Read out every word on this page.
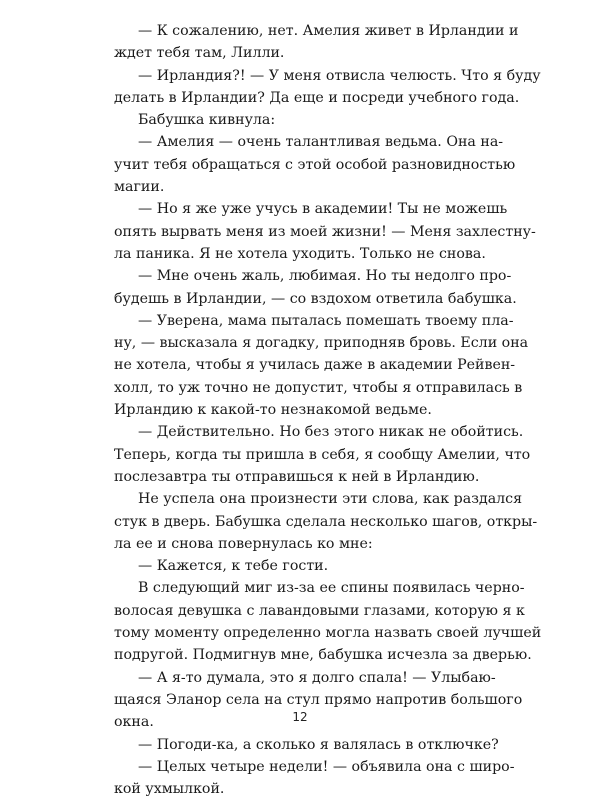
— К сожалению, нет. Амелия живет в Ирландии и
ждет тебя там, Лилли.
— Ирландия?! — У меня отвисла челюсть. Что я буду
делать в Ирландии? Да еще и посреди учебного года.
Бабушка кивнула:
— Амелия — очень талантливая ведьма. Она на-
учит тебя обращаться с этой особой разновидностью
магии.
— Но я же уже учусь в академии! Ты не можешь
опять вырвать меня из моей жизни! — Меня захлестну-
ла паника. Я не хотела уходить. Только не снова.
— Мне очень жаль, любимая. Но ты недолго про-
будешь в Ирландии, — со вздохом ответила бабушка.
— Уверена, мама пыталась помешать твоему пла-
ну, — высказала я догадку, приподняв бровь. Если она
не хотела, чтобы я училась даже в академии Рейвен-
холл, то уж точно не допустит, чтобы я отправилась в
Ирландию к какой-то незнакомой ведьме.
— Действительно. Но без этого никак не обойтись.
Теперь, когда ты пришла в себя, я сообщу Амелии, что
послезавтра ты отправишься к ней в Ирландию.
Не успела она произнести эти слова, как раздался
стук в дверь. Бабушка сделала несколько шагов, откры-
ла ее и снова повернулась ко мне:
— Кажется, к тебе гости.
В следующий миг из-за ее спины появилась черно-
волосая девушка с лавандовыми глазами, которую я к
тому моменту определенно могла назвать своей лучшей
подругой. Подмигнув мне, бабушка исчезла за дверью.
— А я-то думала, это я долго спала! — Улыбаю-
щаяся Эланор села на стул прямо напротив большого
окна.
— Погоди-ка, а сколько я валялась в отключке?
— Целых четыре недели! — объявила она с широ-
кой ухмылкой.
12
